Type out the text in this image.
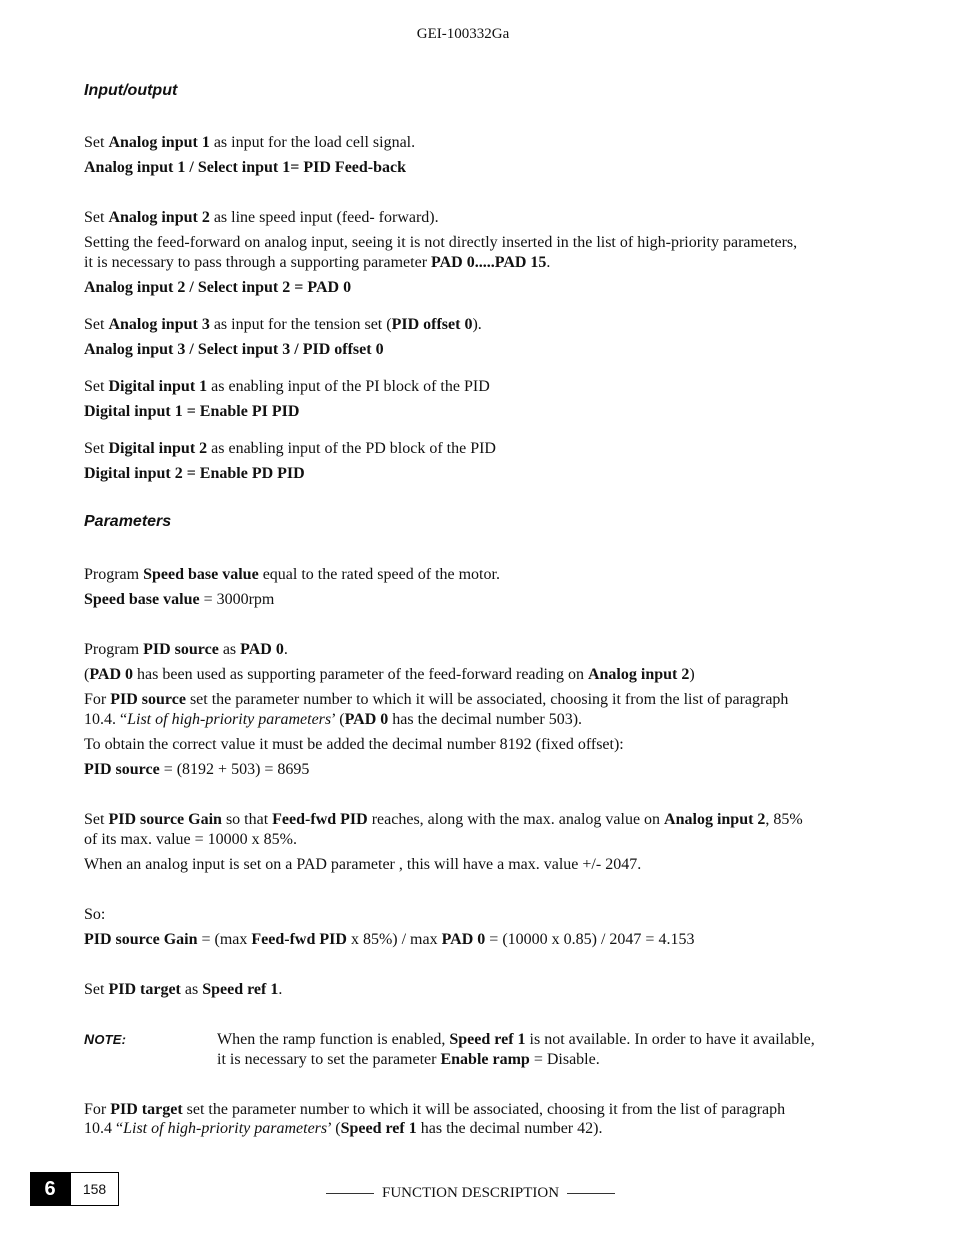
GEI-100332Ga
Input/output
Set Analog input 1 as input for the load cell signal.
Analog input 1 / Select input 1= PID Feed-back
Set Analog input 2 as line speed input (feed- forward).
Setting the feed-forward on analog input, seeing it is not directly inserted in the list of high-priority parameters,
it is necessary to pass through a supporting parameter PAD 0.....PAD 15.
Analog input 2 / Select input 2 = PAD 0
Set Analog input 3 as input for the tension set (PID offset 0).
Analog input 3 / Select input 3 / PID offset 0
Set Digital input 1 as enabling input of the PI block of the PID
Digital input 1 = Enable PI PID
Set Digital input 2 as enabling input of the PD block of the PID
Digital input 2 = Enable PD PID
Parameters
Program Speed base value equal to the rated speed of the motor.
Speed base value = 3000rpm
Program PID source as PAD 0.
(PAD 0 has been used as supporting parameter of the feed-forward reading on Analog input 2)
For PID source set the parameter number to which it will be associated, choosing it from the list of paragraph
10.4. “List of high-priority parameters’ (PAD 0 has the decimal number 503).
To obtain the correct value it must be added the decimal number 8192 (fixed offset):
PID source = (8192 + 503) = 8695
Set PID source Gain so that Feed-fwd PID reaches, along with the max. analog value on Analog input 2, 85%
of its max. value = 10000 x 85%.
When an analog input is set on a PAD parameter , this will have a max. value +/- 2047.
So:
PID source Gain = (max Feed-fwd PID x 85%) / max PAD 0 = (10000 x 0.85) / 2047 = 4.153
Set PID target as Speed ref 1.
NOTE:	When the ramp function is enabled, Speed ref 1 is not available. In order to have it available,
it is necessary to set the parameter Enable ramp = Disable.
For PID target set the parameter number to which it will be associated, choosing it from the list of paragraph
10.4 “List of high-priority parameters’ (Speed ref 1 has the decimal number 42).
6	158	FUNCTION DESCRIPTION
